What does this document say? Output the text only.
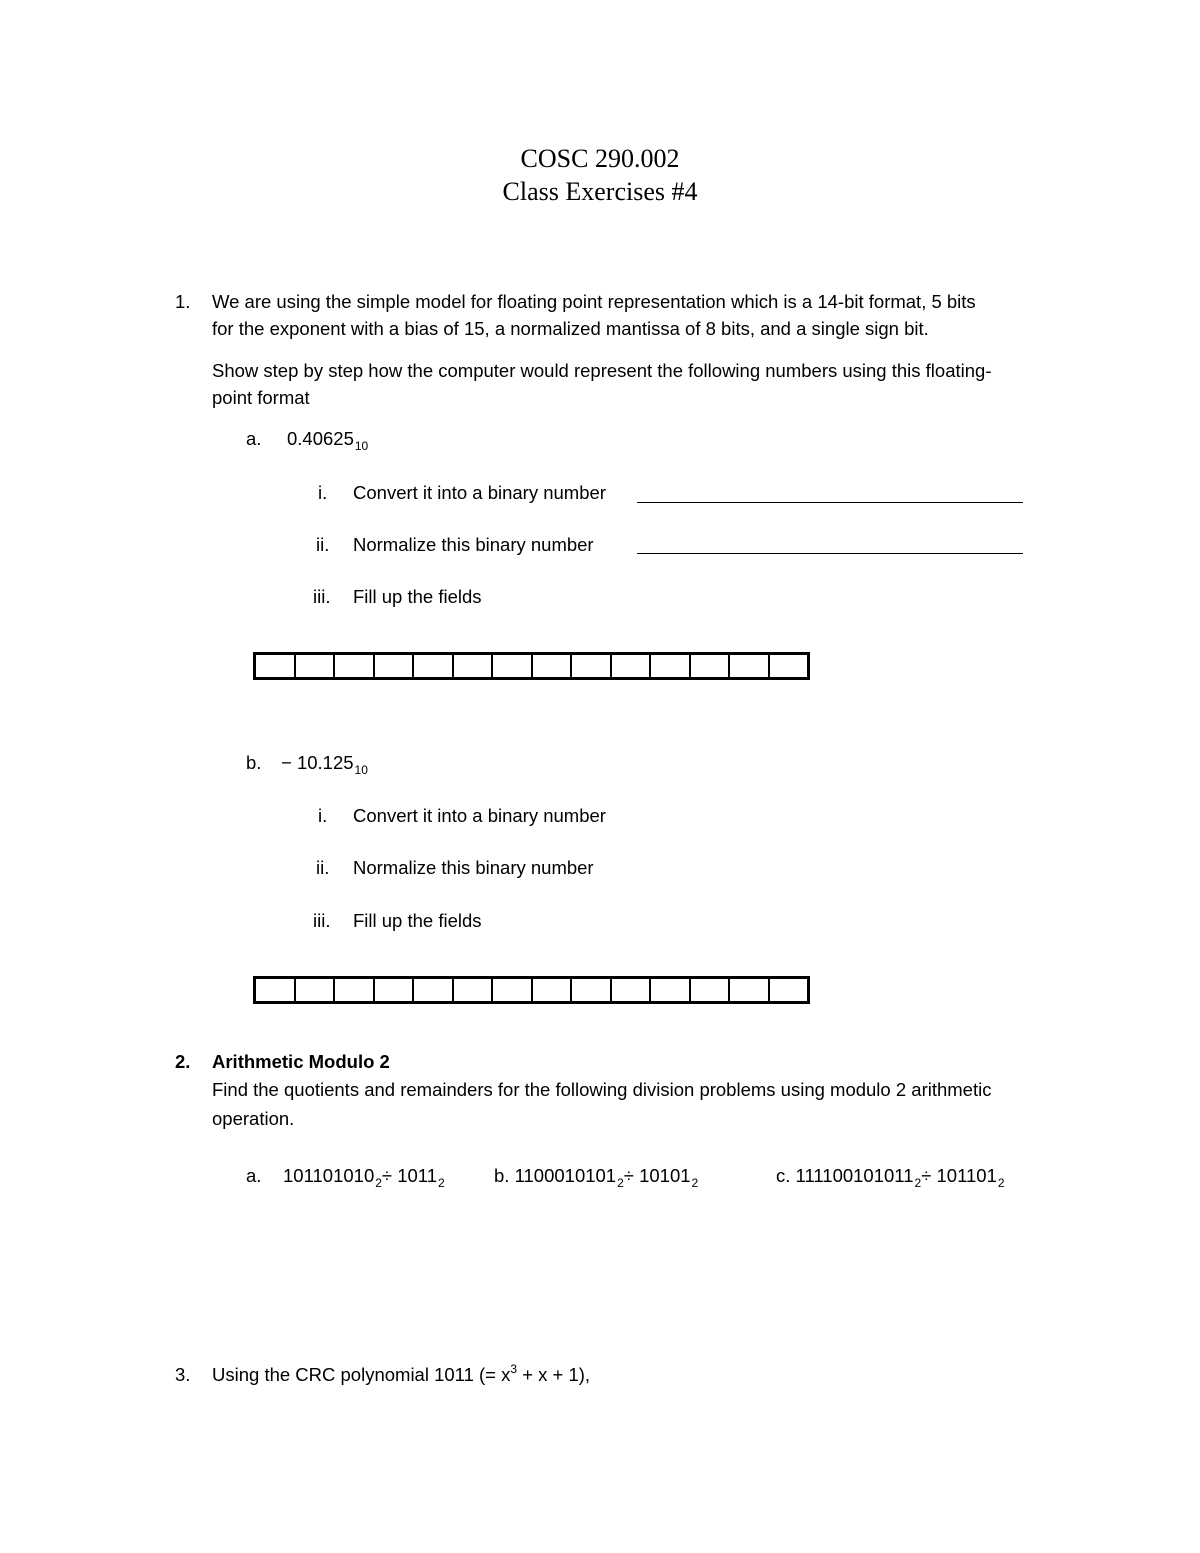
COSC 290.002
Class Exercises #4
1. We are using the simple model for floating point representation which is a 14-bit format, 5 bits
for the exponent with a bias of 15, a normalized mantissa of 8 bits, and a single sign bit.
Show step by step how the computer would represent the following numbers using this floating-
point format
a. $0.40625_{10}$
i. Convert it into a binary number
ii. Normalize this binary number
iii. Fill up the fields
b. − $10.125_{10}$
i. Convert it into a binary number
ii. Normalize this binary number
iii. Fill up the fields
2. Arithmetic Modulo 2
Find the quotients and remainders for the following division problems using modulo 2 arithmetic
operation.
a. $101101010_2\div 1011_2$	b. $1100010101_2\div 10101_2$	c. $111100101011_2\div 101101_2$
3. Using the CRC polynomial 1011 (= $x^3 + x + 1$),
